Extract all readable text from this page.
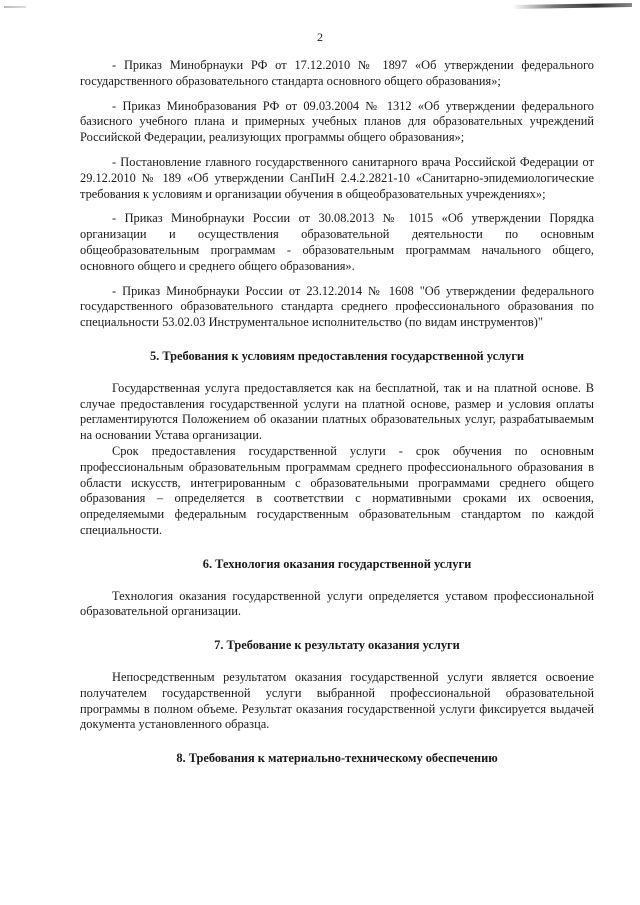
2

- Приказ Минобрнауки РФ от 17.12.2010 № 1897 «Об утверждении федерального государственного образовательного стандарта основного общего образования»;

- Приказ Минобразования РФ от 09.03.2004 № 1312 «Об утверждении федерального базисного учебного плана и примерных учебных планов для образовательных учреждений Российской Федерации, реализующих программы общего образования»;

- Постановление главного государственного санитарного врача Российской Федерации от 29.12.2010 № 189 «Об утверждении СанПиН 2.4.2.2821-10 «Санитарно-эпидемиологические требования к условиям и организации обучения в общеобразовательных учреждениях»;

- Приказ Минобрнауки России от 30.08.2013 № 1015 «Об утверждении Порядка организации и осуществления образовательной деятельности по основным общеобразовательным программам - образовательным программам начального общего, основного общего и среднего общего образования».

- Приказ Минобрнауки России от 23.12.2014 № 1608 "Об утверждении федерального государственного образовательного стандарта среднего профессионального образования по специальности 53.02.03 Инструментальное исполнительство (по видам инструментов)"

5. Требования к условиям предоставления государственной услуги

Государственная услуга предоставляется как на бесплатной, так и на платной основе. В случае предоставления государственной услуги на платной основе, размер и условия оплаты регламентируются Положением об оказании платных образовательных услуг, разрабатываемым на основании Устава организации.

Срок предоставления государственной услуги - срок обучения по основным профессиональным образовательным программам среднего профессионального образования в области искусств, интегрированным с образовательными программами среднего общего образования – определяется в соответствии с нормативными сроками их освоения, определяемыми федеральным государственным образовательным стандартом по каждой специальности.

6. Технология оказания государственной услуги

Технология оказания государственной услуги определяется уставом профессиональной образовательной организации.

7. Требование к результату оказания услуги

Непосредственным результатом оказания государственной услуги является освоение получателем государственной услуги выбранной профессиональной образовательной программы в полном объеме. Результат оказания государственной услуги фиксируется выдачей документа установленного образца.

8. Требования к материально-техническому обеспечению
